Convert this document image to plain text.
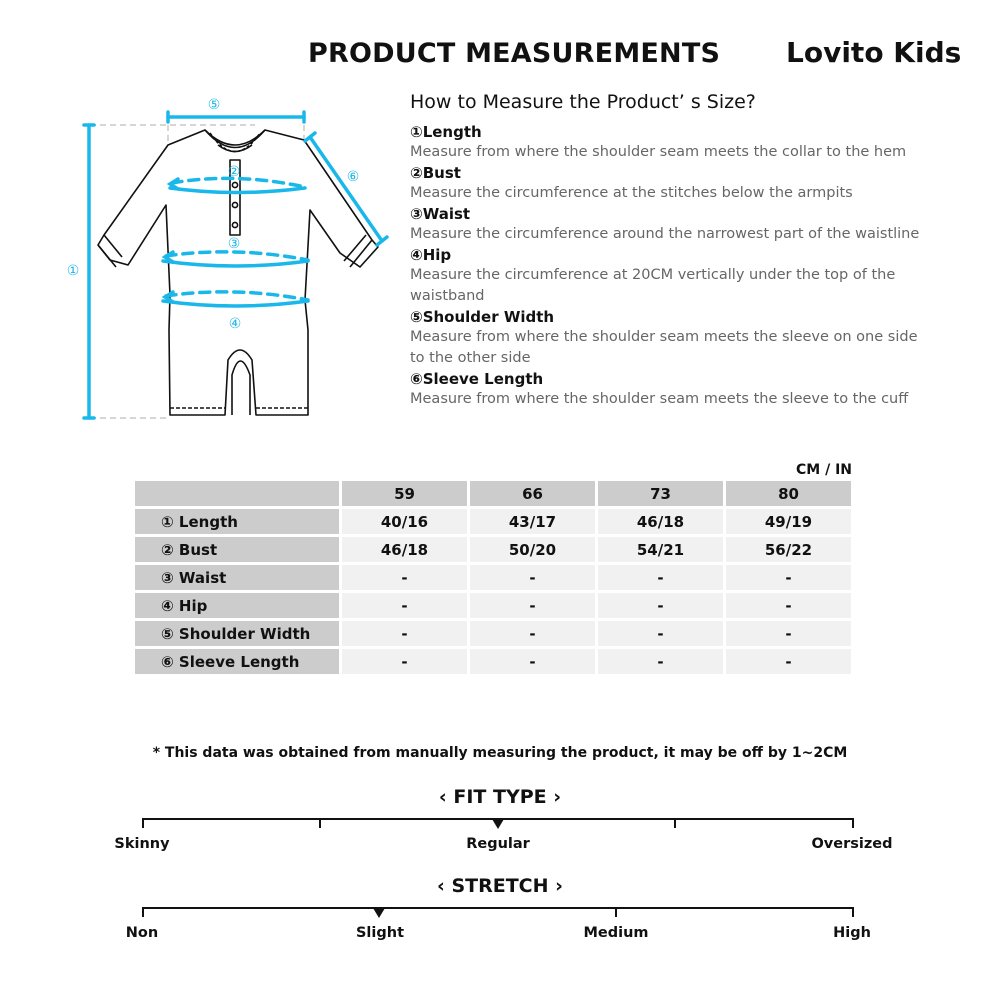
PRODUCT MEASUREMENTS Lovito Kids
①
②
③
④
⑤
⑥
How to Measure the Product’ s Size?
①Length
Measure from where the shoulder seam meets the collar to the hem
②Bust
Measure the circumference at the stitches below the armpits
③Waist
Measure the circumference around the narrowest part of the waistline
④Hip
Measure the circumference at 20CM vertically under the top of the waistband
⑤Shoulder Width
Measure from where the shoulder seam meets the sleeve on one side to the other side
⑥Sleeve Length
Measure from where the shoulder seam meets the sleeve to the cuff
CM / IN
	59	66	73	80
① Length	40/16	43/17	46/18	49/19
② Bust	46/18	50/20	54/21	56/22
③ Waist	-	-	-	-
④ Hip	-	-	-	-
⑤ Shoulder Width	-	-	-	-
⑥ Sleeve Length	-	-	-	-
* This data was obtained from manually measuring the product, it may be off by 1~2CM
‹ FIT TYPE ›
Skinny	Regular	Oversized
‹ STRETCH ›
Non	Slight	Medium	High
